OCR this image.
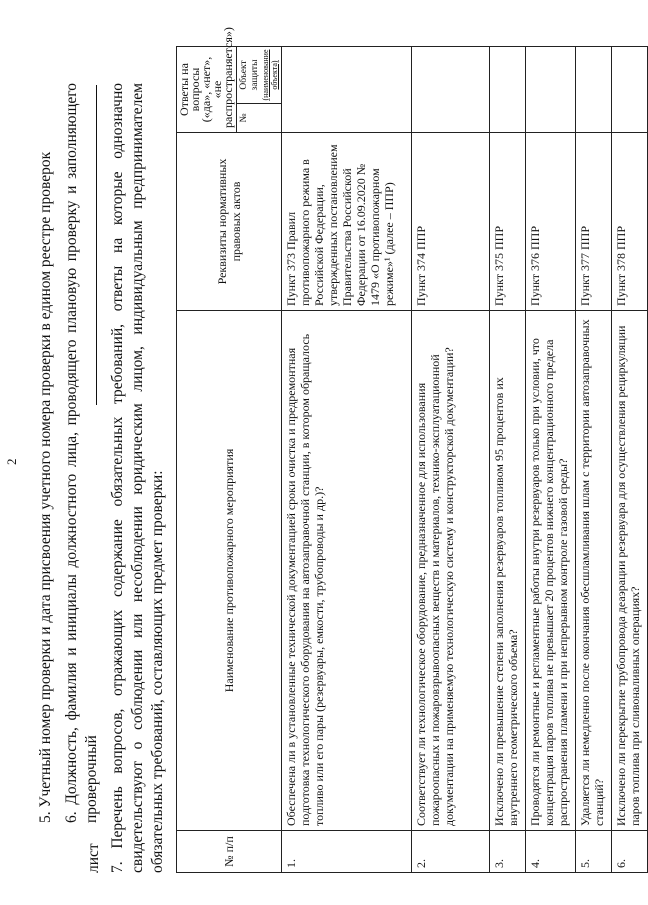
2 5. Учетный номер проверки и дата присвоения учетного номера проверки в едином реестре проверок 6. Должность, фамилия и инициалы должностного лица, проводящего плановую проверку и заполняющего проверочный
лист 7. Перечень вопросов, отражающих содержание обязательных требований, ответы на которые однозначно свидетельствуют о соблюдении или несоблюдении юридическим лицом, индивидуальным предпринимателем обязательных требований, составляющих предмет проверки:	№ п/п	Наименование противопожарного мероприятия	Реквизиты нормативных правовых актов	Ответы на вопросы («да», «нет», «не распространяется»)

			№
Объект защиты (наименование объекта)

1.	Обеспечена ли в установленные технической документацией сроки очистка и предремонтная подготовка технологического оборудования на автозаправочной станции, в котором обращалось топливо или его пары (резервуары, емкости, трубопроводы и др.)?	Пункт 373 Правил противопожарного режима в Российской Федерации, утвержденных постановлением Правительства Российской Федерации от 16.09.2020 № 1479 «О противопожарном режиме»¹ (далее – ППР)	
2.	Соответствует ли технологическое оборудование, предназначенное для использования пожароопасных и пожаровзрывоопасных веществ и материалов, технико-эксплуатационной документации на применяемую технологическую систему и конструкторской документации?	Пункт 374 ППР	
3.	Исключено ли превышение степени заполнения резервуаров топливом 95 процентов их внутреннего геометрического объема?	Пункт 375 ППР	
4.	Проводятся ли ремонтные и регламентные работы внутри резервуаров только при условии, что концентрация паров топлива не превышает 20 процентов нижнего концентрационного предела распространения пламени и при непрерывном контроле газовой среды?	Пункт 376 ППР	
5.	Удаляется ли немедленно после окончания обесшламливания шлам с территории автозаправочных станций?	Пункт 377 ППР	
6.	Исключено ли перекрытие трубопровода деаэрации резервуара для осуществления рециркуляции паров топлива при сливоналивных операциях?	Пункт 378 ППР	
